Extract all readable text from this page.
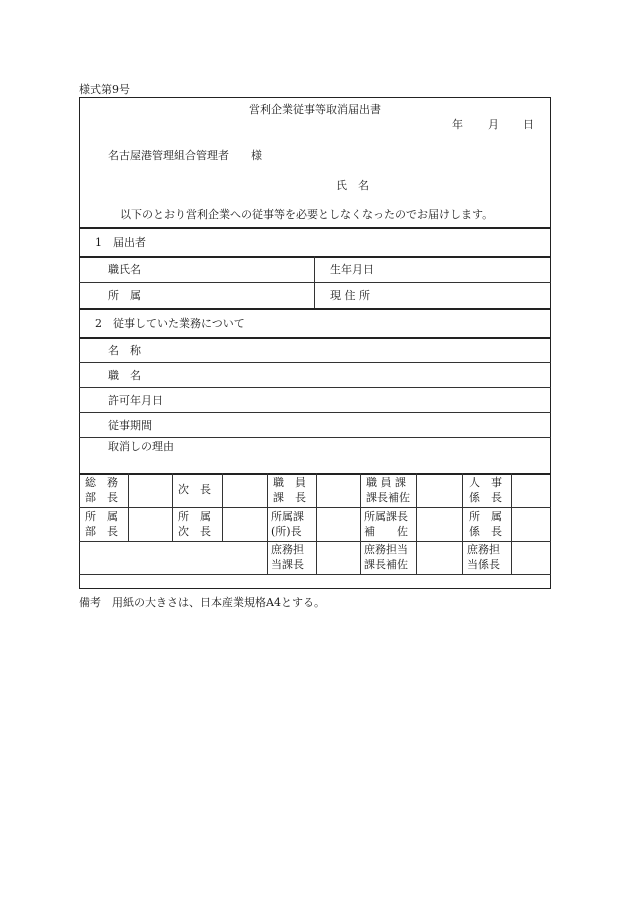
様式第9号
営利企業従事等取消届出書
年 月 日
名古屋港管理組合管理者　　様
氏　名
以下のとおり営利企業への従事等を必要としなくなったのでお届けします。
1　届出者
職氏名	生年月日
所　属	現 住 所
2　従事していた業務について
名　称
職　名
許可年月日
従事期間
取消しの理由
総　務
部　長
次　長
職　員
課　長
職 員 課
課長補佐
人　事
係　長
所　属
部　長
所　属
次　長
所属課
(所)長
所属課長
補　　佐
所　属
係　長
庶務担
当課長
庶務担当
課長補佐
庶務担
当係長
備考　用紙の大きさは、日本産業規格A4とする。
